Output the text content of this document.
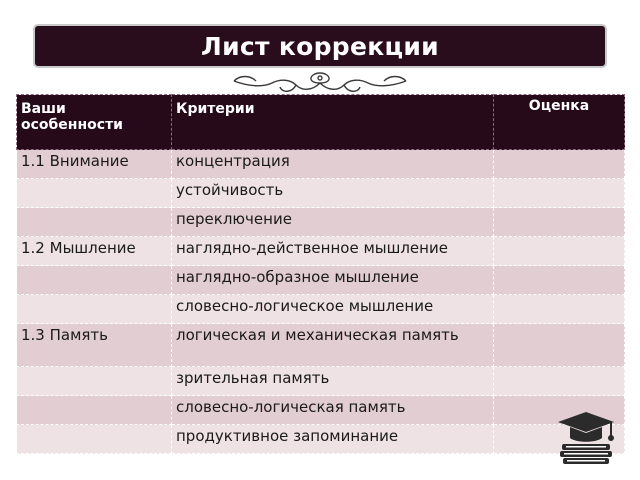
Лист коррекции
Ваши особенности	Критерии	Оценка
1.1 Внимание	концентрация	
	устойчивость	
	переключение	
1.2 Мышление	наглядно-действенное мышление	
	наглядно-образное мышление	
	словесно-логическое мышление	
1.3 Память	логическая и механическая память	
	зрительная память	
	словесно-логическая память	
	продуктивное запоминание	
